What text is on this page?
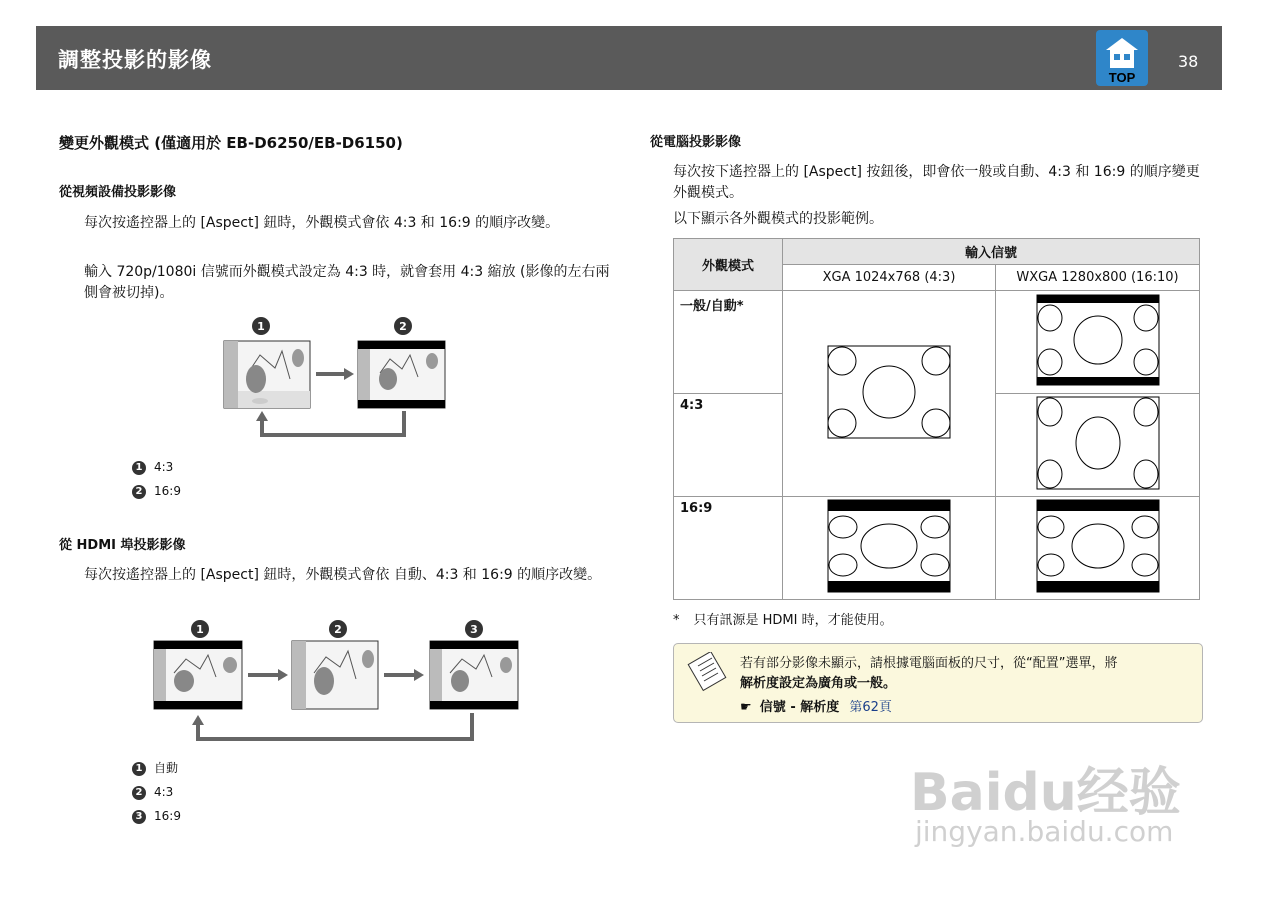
調整投影的影像
TOP
38
變更外觀模式 (僅適用於 EB-D6250/EB-D6150)
從視頻設備投影影像
每次按遙控器上的 [Aspect] 鈕時，外觀模式會依 4:3 和 16:9 的順序改變。
輸入 720p/1080i 信號而外觀模式設定為 4:3 時，就會套用 4:3 縮放 (影像的左右兩側會被切掉)。
1	2
1 4:3
2 16:9
從 HDMI 埠投影影像
每次按遙控器上的 [Aspect] 鈕時，外觀模式會依 自動、4:3 和 16:9 的順序改變。
1	2	3
1 自動
2 4:3
3 16:9
從電腦投影影像
每次按下遙控器上的 [Aspect] 按鈕後，即會依一般或自動、4:3 和 16:9 的順序變更外觀模式。
以下顯示各外觀模式的投影範例。
外觀模式	輸入信號	
	XGA 1024x768 (4:3)	WXGA 1280x800 (16:10)
一般/自動*		
4:3	
16:9		
* 只有訊源是 HDMI 時，才能使用。
若有部分影像未顯示，請根據電腦面板的尺寸，從“配置”選單，將
解析度設定為廣角或一般。
☛ 信號 - 解析度 第62頁
Baidu经验
jingyan.baidu.com
